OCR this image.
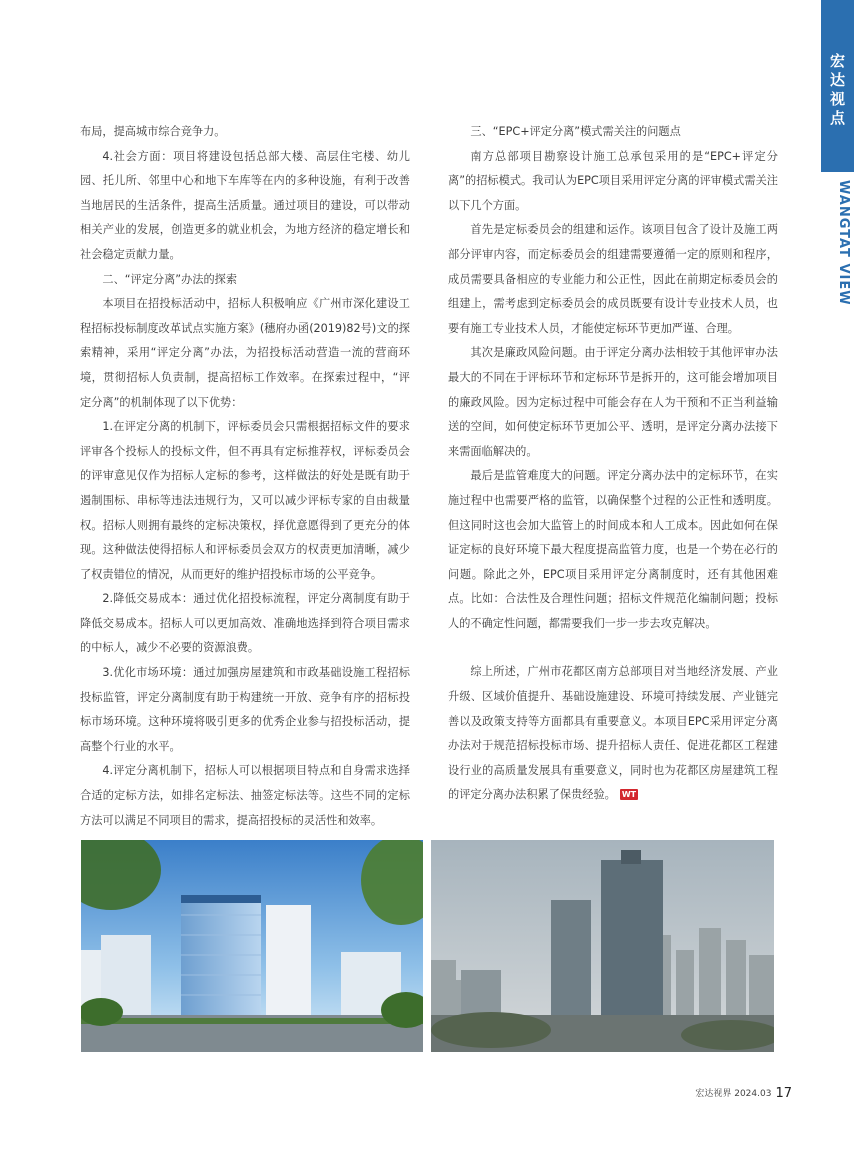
宏
达
视
点
WANGTAT VIEW

布局，提高城市综合竞争力。

4.社会方面：项目将建设包括总部大楼、高层住宅楼、幼儿园、托儿所、邻里中心和地下车库等在内的多种设施，有利于改善当地居民的生活条件，提高生活质量。通过项目的建设，可以带动相关产业的发展，创造更多的就业机会，为地方经济的稳定增长和社会稳定贡献力量。

二、“评定分离”办法的探索

本项目在招投标活动中，招标人积极响应《广州市深化建设工程招标投标制度改革试点实施方案》(穗府办函(2019)82号)文的探索精神，采用“评定分离”办法，为招投标活动营造一流的营商环境，贯彻招标人负责制，提高招标工作效率。在探索过程中，“评定分离”的机制体现了以下优势：

1.在评定分离的机制下，评标委员会只需根据招标文件的要求评审各个投标人的投标文件，但不再具有定标推荐权，评标委员会的评审意见仅作为招标人定标的参考，这样做法的好处是既有助于遏制围标、串标等违法违规行为，又可以减少评标专家的自由裁量权。招标人则拥有最终的定标决策权，择优意愿得到了更充分的体现。这种做法使得招标人和评标委员会双方的权责更加清晰，减少了权责错位的情况，从而更好的维护招投标市场的公平竞争。

2.降低交易成本：通过优化招投标流程，评定分离制度有助于降低交易成本。招标人可以更加高效、准确地选择到符合项目需求的中标人，减少不必要的资源浪费。

3.优化市场环境：通过加强房屋建筑和市政基础设施工程招标投标监管，评定分离制度有助于构建统一开放、竞争有序的招标投标市场环境。这种环境将吸引更多的优秀企业参与招投标活动，提高整个行业的水平。

4.评定分离机制下，招标人可以根据项目特点和自身需求选择合适的定标方法，如排名定标法、抽签定标法等。这些不同的定标方法可以满足不同项目的需求，提高招投标的灵活性和效率。

三、“EPC+评定分离”模式需关注的问题点

南方总部项目勘察设计施工总承包采用的是“EPC+评定分离”的招标模式。我司认为EPC项目采用评定分离的评审模式需关注以下几个方面。

首先是定标委员会的组建和运作。该项目包含了设计及施工两部分评审内容，而定标委员会的组建需要遵循一定的原则和程序，成员需要具备相应的专业能力和公正性，因此在前期定标委员会的组建上，需考虑到定标委员会的成员既要有设计专业技术人员，也要有施工专业技术人员，才能使定标环节更加严谨、合理。

其次是廉政风险问题。由于评定分离办法相较于其他评审办法最大的不同在于评标环节和定标环节是拆开的，这可能会增加项目的廉政风险。因为定标过程中可能会存在人为干预和不正当利益输送的空间，如何使定标环节更加公平、透明，是评定分离办法接下来需面临解决的。

最后是监管难度大的问题。评定分离办法中的定标环节，在实施过程中也需要严格的监管，以确保整个过程的公正性和透明度。但这同时这也会加大监管上的时间成本和人工成本。因此如何在保证定标的良好环境下最大程度提高监管力度，也是一个势在必行的问题。除此之外，EPC项目采用评定分离制度时，还有其他困难点。比如：合法性及合理性问题；招标文件规范化编制问题；投标人的不确定性问题，都需要我们一步一步去攻克解决。

综上所述，广州市花都区南方总部项目对当地经济发展、产业升级、区域价值提升、基础设施建设、环境可持续发展、产业链完善以及政策支持等方面都具有重要意义。本项目EPC采用评定分离办法对于规范招标投标市场、提升招标人责任、促进花都区工程建设行业的高质量发展具有重要意义，同时也为花都区房屋建筑工程的评定分离办法积累了保贵经验。 WT

宏达视界 2024.03 17
